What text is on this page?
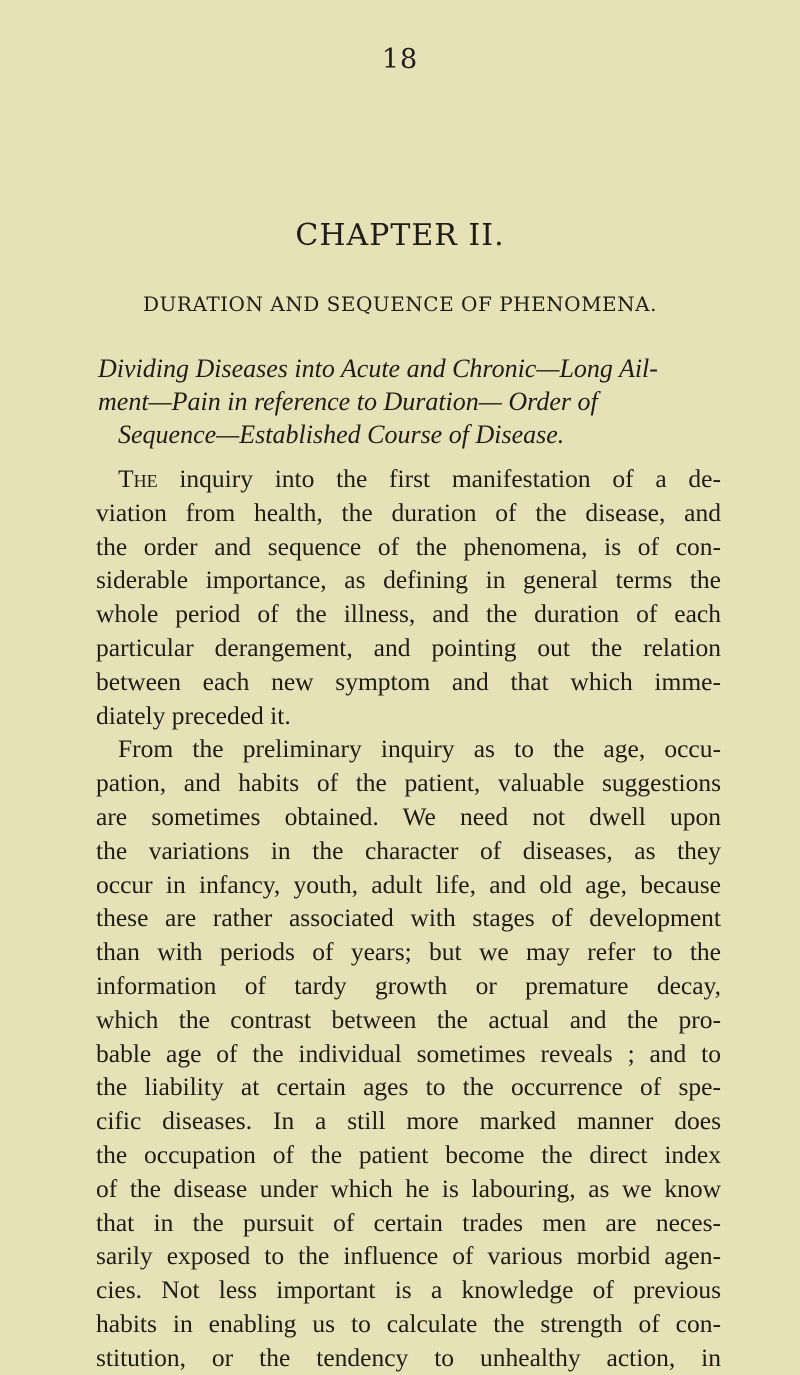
18
CHAPTER II.
DURATION AND SEQUENCE OF PHENOMENA.
Dividing Diseases into Acute and Chronic—Long Ail-
ment—Pain in reference to Duration— Order of
Sequence—Established Course of Disease.
The inquiry into the first manifestation of a de-
viation from health, the duration of the disease, and
the order and sequence of the phenomena, is of con-
siderable importance, as defining in general terms the
whole period of the illness, and the duration of each
particular derangement, and pointing out the relation
between each new symptom and that which imme-
diately preceded it.
From the preliminary inquiry as to the age, occu-
pation, and habits of the patient, valuable suggestions
are sometimes obtained. We need not dwell upon
the variations in the character of diseases, as they
occur in infancy, youth, adult life, and old age, because
these are rather associated with stages of development
than with periods of years; but we may refer to the
information of tardy growth or premature decay,
which the contrast between the actual and the pro-
bable age of the individual sometimes reveals ; and to
the liability at certain ages to the occurrence of spe-
cific diseases. In a still more marked manner does
the occupation of the patient become the direct index
of the disease under which he is labouring, as we know
that in the pursuit of certain trades men are neces-
sarily exposed to the influence of various morbid agen-
cies. Not less important is a knowledge of previous
habits in enabling us to calculate the strength of con-
stitution, or the tendency to unhealthy action, in
